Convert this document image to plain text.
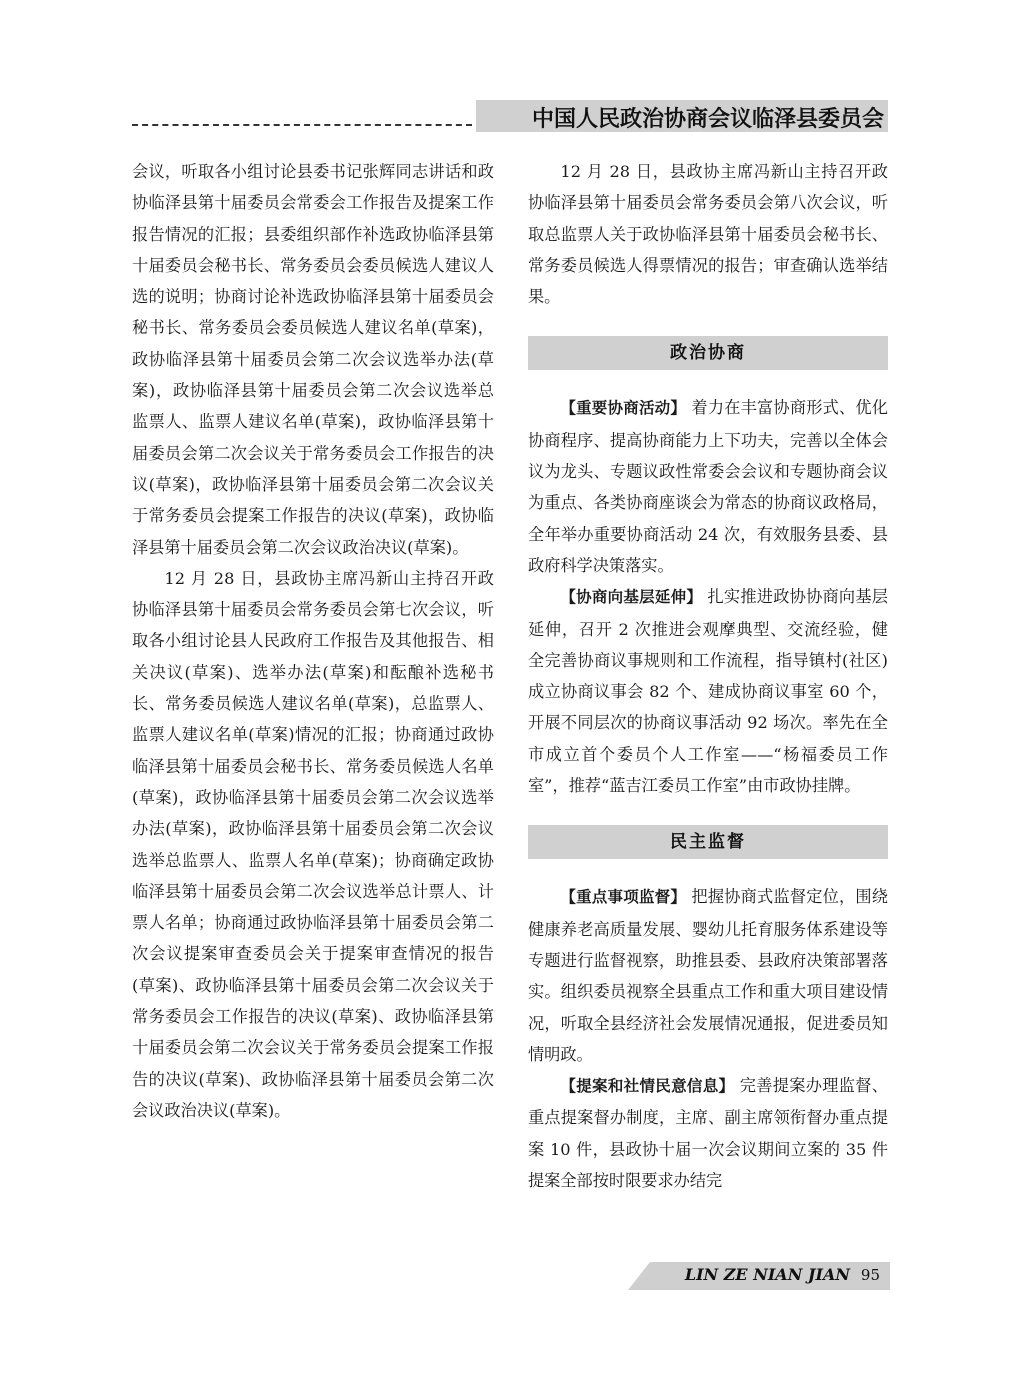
中国人民政治协商会议临泽县委员会

会议，听取各小组讨论县委书记张辉同志讲话和政协临泽县第十届委员会常委会工作报告及提案工作报告情况的汇报；县委组织部作补选政协临泽县第十届委员会秘书长、常务委员会委员候选人建议人选的说明；协商讨论补选政协临泽县第十届委员会秘书长、常务委员会委员候选人建议名单(草案)，政协临泽县第十届委员会第二次会议选举办法(草案)，政协临泽县第十届委员会第二次会议选举总监票人、监票人建议名单(草案)，政协临泽县第十届委员会第二次会议关于常务委员会工作报告的决议(草案)，政协临泽县第十届委员会第二次会议关于常务委员会提案工作报告的决议(草案)，政协临泽县第十届委员会第二次会议政治决议(草案)。

12 月 28 日，县政协主席冯新山主持召开政协临泽县第十届委员会常务委员会第七次会议，听取各小组讨论县人民政府工作报告及其他报告、相关决议(草案)、选举办法(草案)和酝酿补选秘书长、常务委员候选人建议名单(草案)，总监票人、监票人建议名单(草案)情况的汇报；协商通过政协临泽县第十届委员会秘书长、常务委员候选人名单(草案)，政协临泽县第十届委员会第二次会议选举办法(草案)，政协临泽县第十届委员会第二次会议选举总监票人、监票人名单(草案)；协商确定政协临泽县第十届委员会第二次会议选举总计票人、计票人名单；协商通过政协临泽县第十届委员会第二次会议提案审查委员会关于提案审查情况的报告(草案)、政协临泽县第十届委员会第二次会议关于常务委员会工作报告的决议(草案)、政协临泽县第十届委员会第二次会议关于常务委员会提案工作报告的决议(草案)、政协临泽县第十届委员会第二次会议政治决议(草案)。

12 月 28 日，县政协主席冯新山主持召开政协临泽县第十届委员会常务委员会第八次会议，听取总监票人关于政协临泽县第十届委员会秘书长、常务委员候选人得票情况的报告；审查确认选举结果。

政治协商

【重要协商活动】 着力在丰富协商形式、优化协商程序、提高协商能力上下功夫，完善以全体会议为龙头、专题议政性常委会会议和专题协商会议为重点、各类协商座谈会为常态的协商议政格局，全年举办重要协商活动 24 次，有效服务县委、县政府科学决策落实。

【协商向基层延伸】 扎实推进政协协商向基层延伸，召开 2 次推进会观摩典型、交流经验，健全完善协商议事规则和工作流程，指导镇村(社区)成立协商议事会 82 个、建成协商议事室 60 个，开展不同层次的协商议事活动 92 场次。率先在全市成立首个委员个人工作室——“杨福委员工作室”，推荐“蓝吉江委员工作室”由市政协挂牌。

民主监督

【重点事项监督】 把握协商式监督定位，围绕健康养老高质量发展、婴幼儿托育服务体系建设等专题进行监督视察，助推县委、县政府决策部署落实。组织委员视察全县重点工作和重大项目建设情况，听取全县经济社会发展情况通报，促进委员知情明政。

【提案和社情民意信息】 完善提案办理监督、重点提案督办制度，主席、副主席领衔督办重点提案 10 件，县政协十届一次会议期间立案的 35 件提案全部按时限要求办结完

LIN ZE NIAN JIAN 95
